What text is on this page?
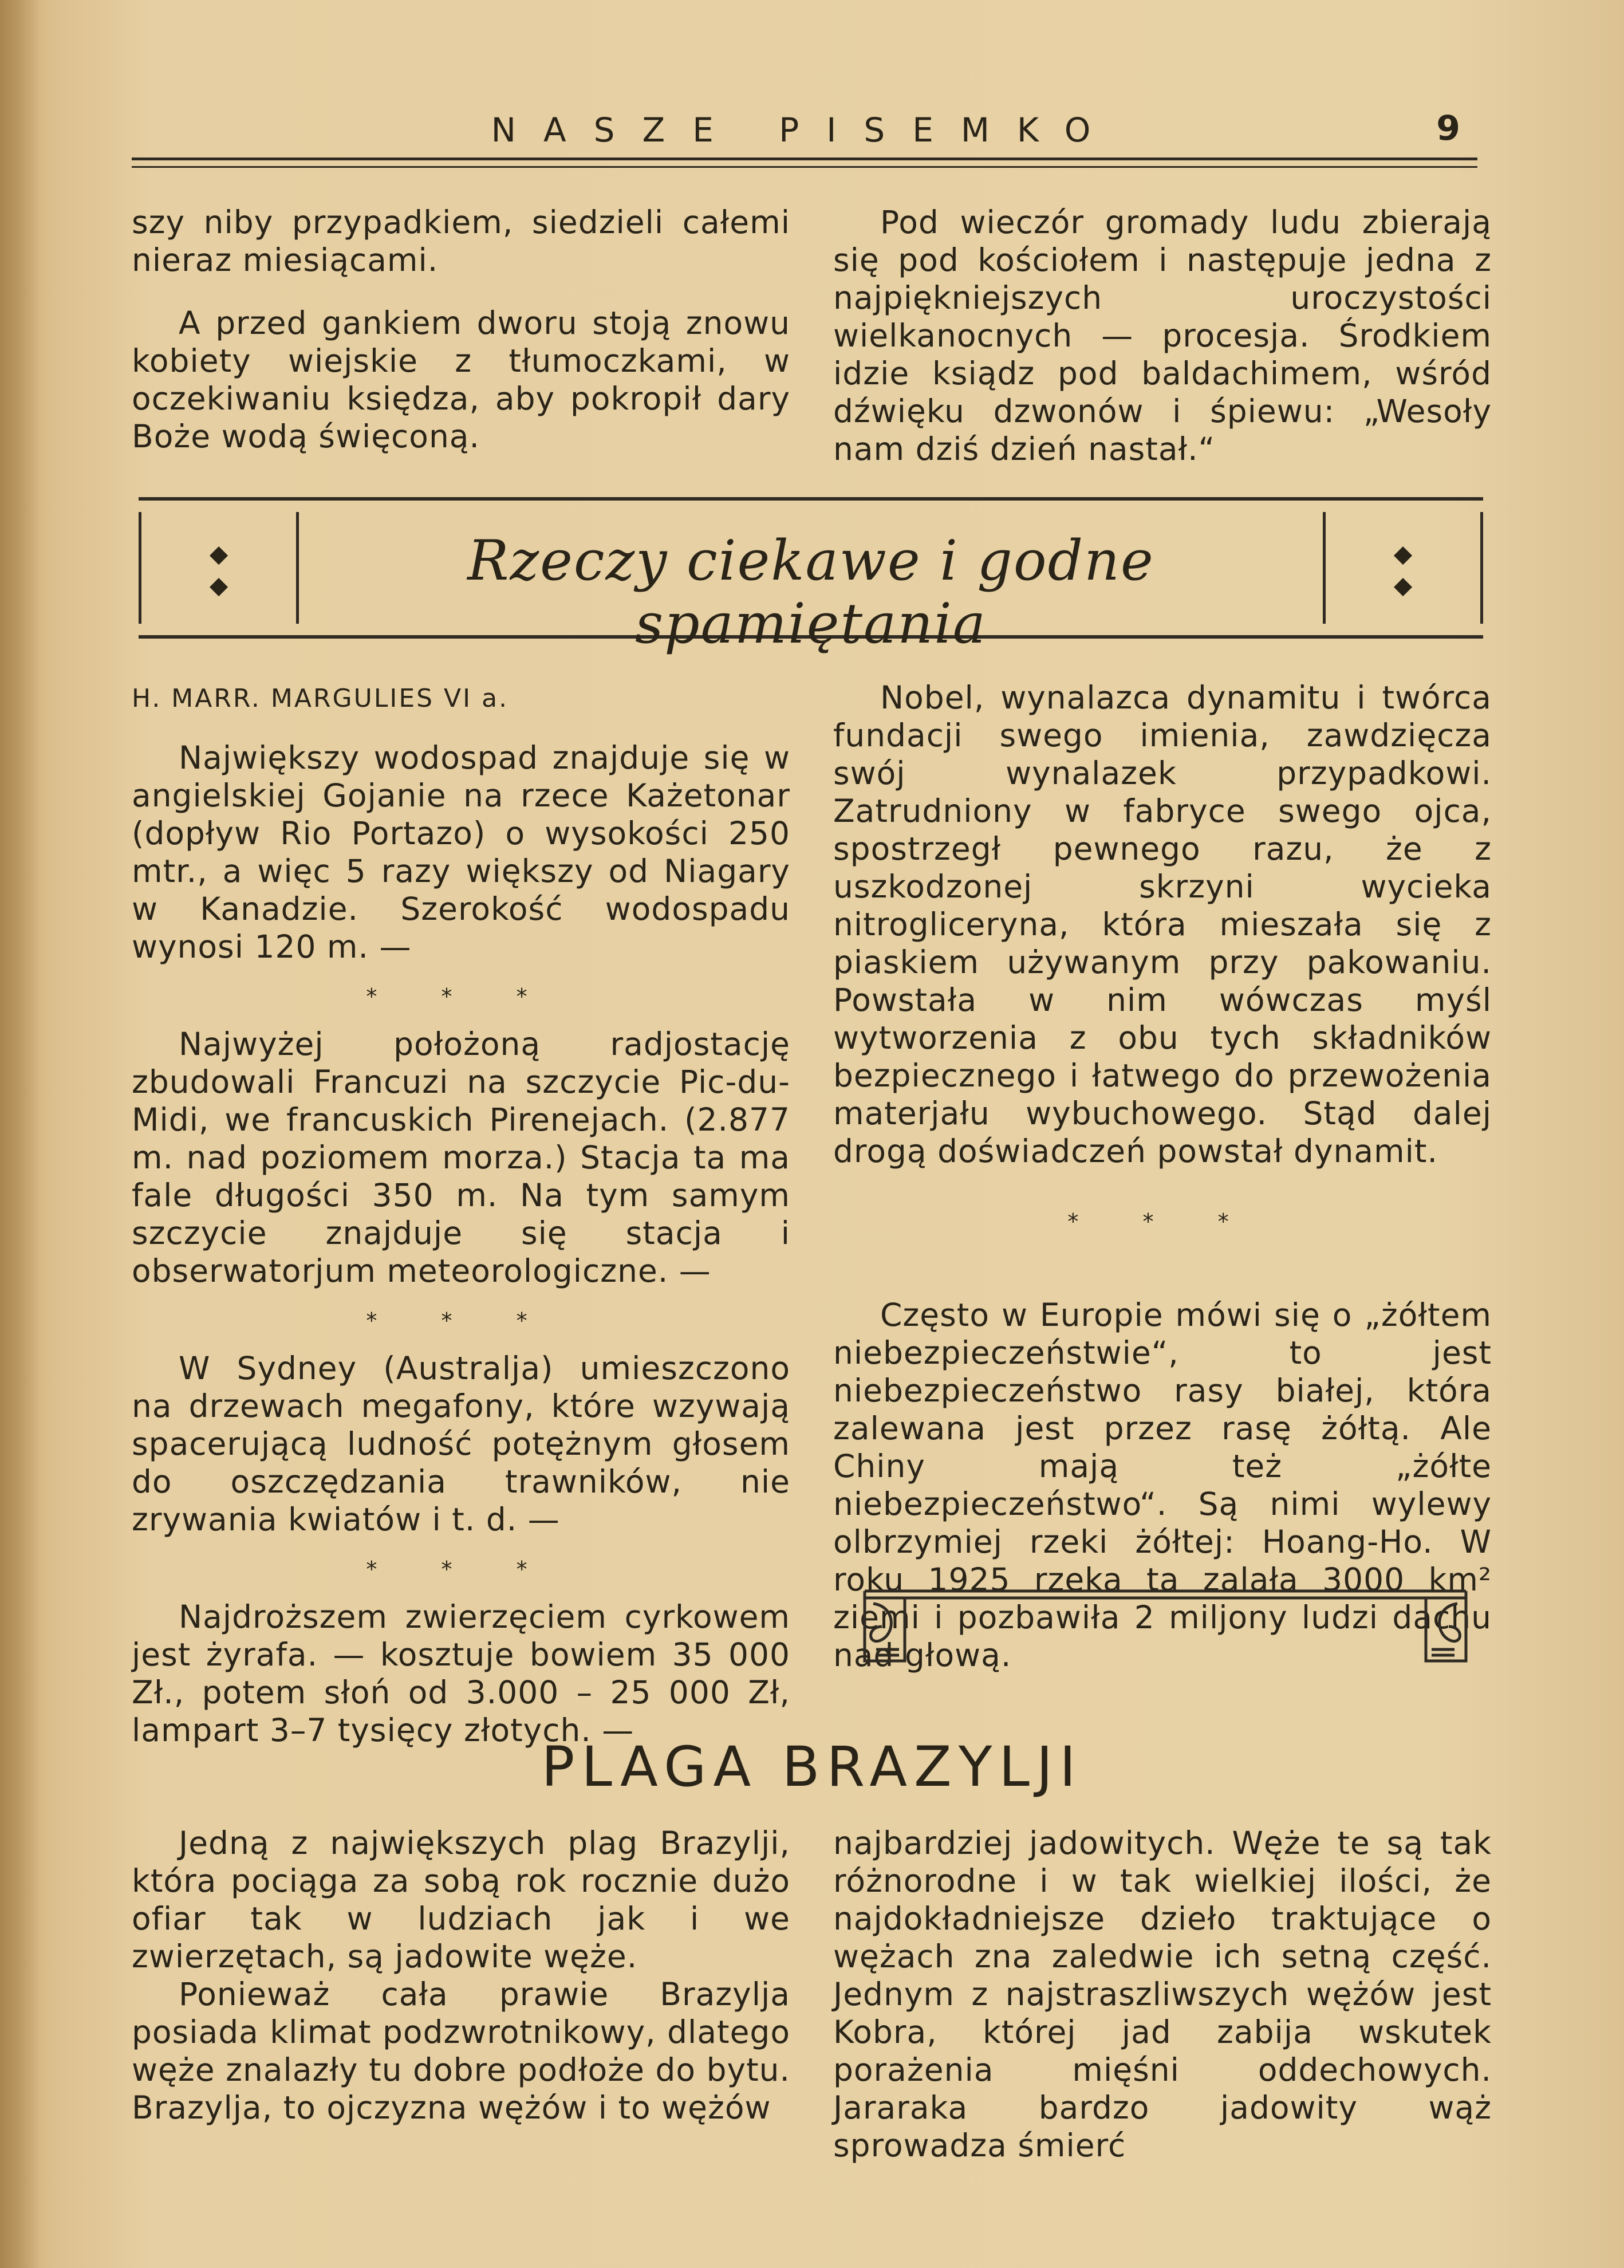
NASZE PISEMKO	9

szy niby przypadkiem, siedzieli całemi nieraz miesiącami.

A przed gankiem dworu stoją znowu kobiety wiejskie z tłumoczkami, w oczekiwaniu księdza, aby pokropił dary Boże wodą święconą.

Pod wieczór gromady ludu zbierają się pod kościołem i następuje jedna z najpiękniejszych uroczystości wielkanocnych — procesja. Środkiem idzie ksiądz pod baldachimem, wśród dźwięku dzwonów i śpiewu: „Wesoły nam dziś dzień nastał.“

◆
◆	Rzeczy ciekawe i godne spamiętania
◆
◆
H. MARR. MARGULIES VI a.

Największy wodospad znajduje się w angielskiej Gojanie na rzece Każetonar (dopływ Rio Portazo) o wysokości 250 mtr., a więc 5 razy większy od Niagary w Kanadzie. Szerokość wodospadu wynosi 120 m. —

* * *

Najwyżej położoną radjostację zbudowali Francuzi na szczycie Pic-du-Midi, we francuskich Pirenejach. (2.877 m. nad poziomem morza.) Stacja ta ma fale długości 350 m. Na tym samym szczycie znajduje się stacja i obserwatorjum meteorologiczne. —

* * *

W Sydney (Australja) umieszczono na drzewach megafony, które wzywają spacerującą ludność potężnym głosem do oszczędzania trawników, nie zrywania kwiatów i t. d. —

* * *

Najdroższem zwierzęciem cyrkowem jest żyrafa. — kosztuje bowiem 35 000 Zł., potem słoń od 3.000 – 25 000 Zł, lampart 3–7 tysięcy złotych. —

Nobel, wynalazca dynamitu i twórca fundacji swego imienia, zawdzięcza swój wynalazek przypadkowi. Zatrudniony w fabryce swego ojca, spostrzegł pewnego razu, że z uszkodzonej skrzyni wycieka nitrogliceryna, która mieszała się z piaskiem używanym przy pakowaniu. Powstała w nim wówczas myśl wytworzenia z obu tych składników bezpiecznego i łatwego do przewożenia materjału wybuchowego. Stąd dalej drogą doświadczeń powstał dynamit.

* * *

Często w Europie mówi się o „żółtem niebezpieczeństwie“, to jest niebezpieczeństwo rasy białej, która zalewana jest przez rasę żółtą. Ale Chiny mają też „żółte niebezpieczeństwo“. Są nimi wylewy olbrzymiej rzeki żółtej: Hoang-Ho. W roku 1925 rzeka ta zalała 3000 km² ziemi i pozbawiła 2 miljony ludzi dachu nad głową.

PLAGA BRAZYLJI

Jedną z największych plag Brazylji, która pociąga za sobą rok rocznie dużo ofiar tak w ludziach jak i we zwierzętach, są jadowite węże.

Ponieważ cała prawie Brazylja posiada klimat podzwrotnikowy, dlatego węże znalazły tu dobre podłoże do bytu. Brazylja, to ojczyzna wężów i to wężów

najbardziej jadowitych. Węże te są tak różnorodne i w tak wielkiej ilości, że najdokładniejsze dzieło traktujące o wężach zna zaledwie ich setną część. Jednym z najstraszliwszych wężów jest Kobra, której jad zabija wskutek porażenia mięśni oddechowych. Jararaka bardzo jadowity wąż sprowadza śmierć
